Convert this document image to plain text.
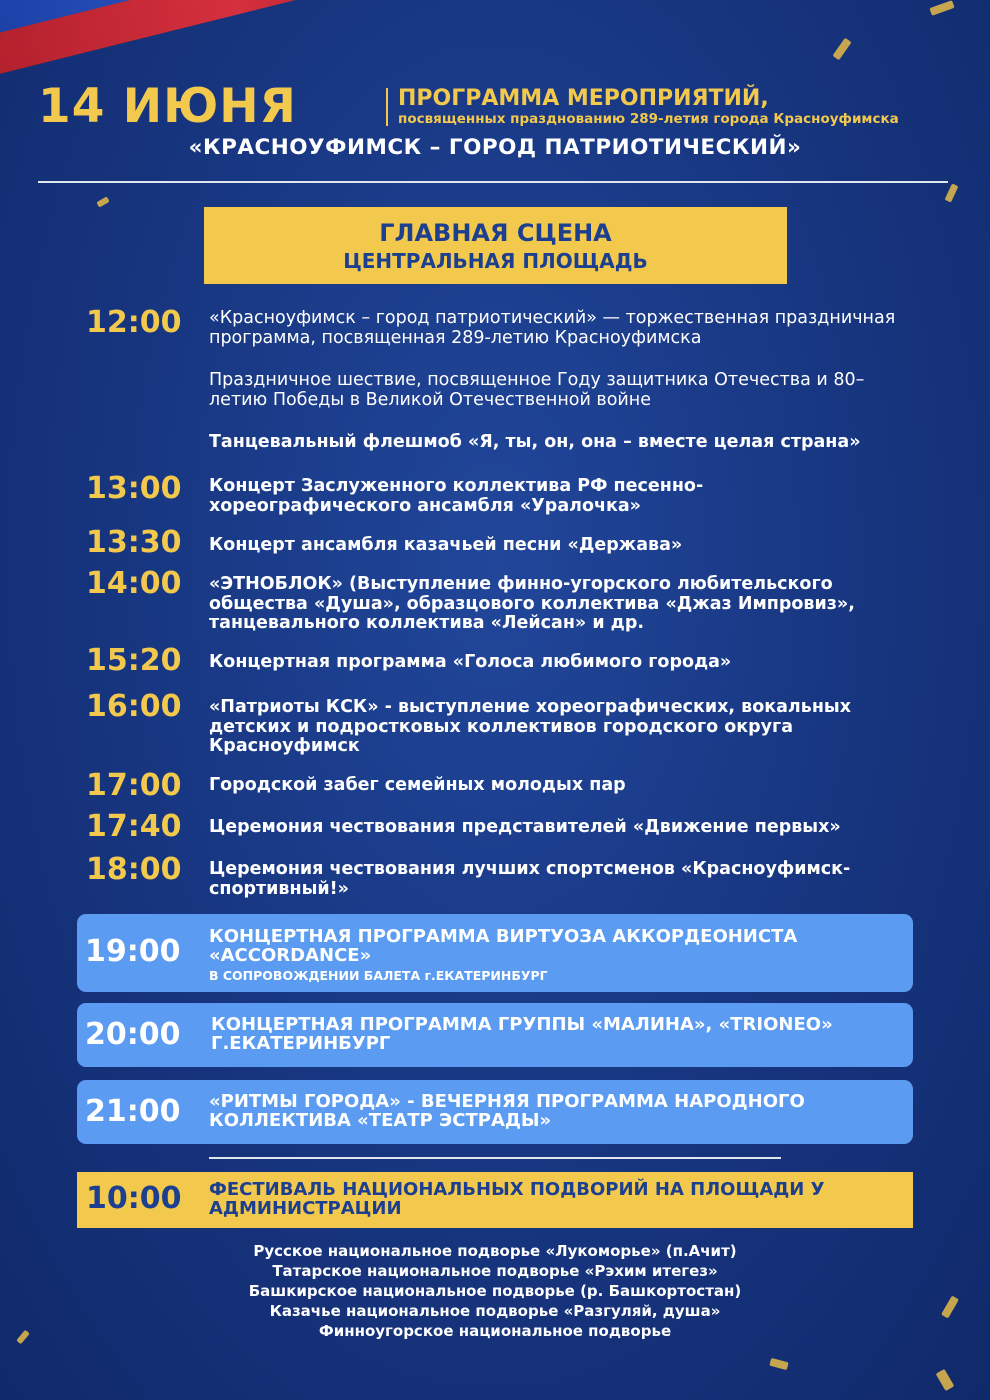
14 ИЮНЯ	ПРОГРАММА МЕРОПРИЯТИЙ,
посвященных празднованию 289-летия города Красноуфимска
«КРАСНОУФИМСК – ГОРОД ПАТРИОТИЧЕСКИЙ»
ГЛАВНАЯ СЦЕНА
ЦЕНТРАЛЬНАЯ ПЛОЩАДЬ
12:00 «Красноуфимск – город патриотический» — торжественная праздничная программа, посвященная 289-летию Красноуфимска
Праздничное шествие, посвященное Году защитника Отечества и 80–летию Победы в Великой Отечественной войне
Танцевальный флешмоб «Я, ты, он, она – вместе целая страна»
13:00 Концерт Заслуженного коллектива РФ песенно-хореографического ансамбля «Уралочка»
13:30 Концерт ансамбля казачьей песни «Держава»
14:00 «ЭТНОБЛОК» (Выступление финно-угорского любительского общества «Душа», образцового коллектива «Джаз Импровиз», танцевального коллектива «Лейсан» и др.
15:20 Концертная программа «Голоса любимого города»
16:00 «Патриоты КСК» - выступление хореографических, вокальных детских и подростковых коллективов городского округа Красноуфимск
17:00 Городской забег семейных молодых пар
17:40 Церемония чествования представителей «Движение первых»
18:00 Церемония чествования лучших спортсменов «Красноуфимск-спортивный!»
19:00 КОНЦЕРТНАЯ ПРОГРАММА ВИРТУОЗА АККОРДЕОНИСТА «ACCORDANCE»
В СОПРОВОЖДЕНИИ БАЛЕТА г.ЕКАТЕРИНБУРГ
20:00 КОНЦЕРТНАЯ ПРОГРАММА ГРУППЫ «МАЛИНА», «TRIONEO» Г.ЕКАТЕРИНБУРГ
21:00 «РИТМЫ ГОРОДА» - ВЕЧЕРНЯЯ ПРОГРАММА НАРОДНОГО КОЛЛЕКТИВА «ТЕАТР ЭСТРАДЫ»
10:00 ФЕСТИВАЛЬ НАЦИОНАЛЬНЫХ ПОДВОРИЙ НА ПЛОЩАДИ У АДМИНИСТРАЦИИ
Русское национальное подворье «Лукоморье» (п.Ачит)
Татарское национальное подворье «Рэхим итегез»
Башкирское национальное подворье (р. Башкортостан)
Казачье национальное подворье «Разгуляй, душа»
Финноугорское национальное подворье
